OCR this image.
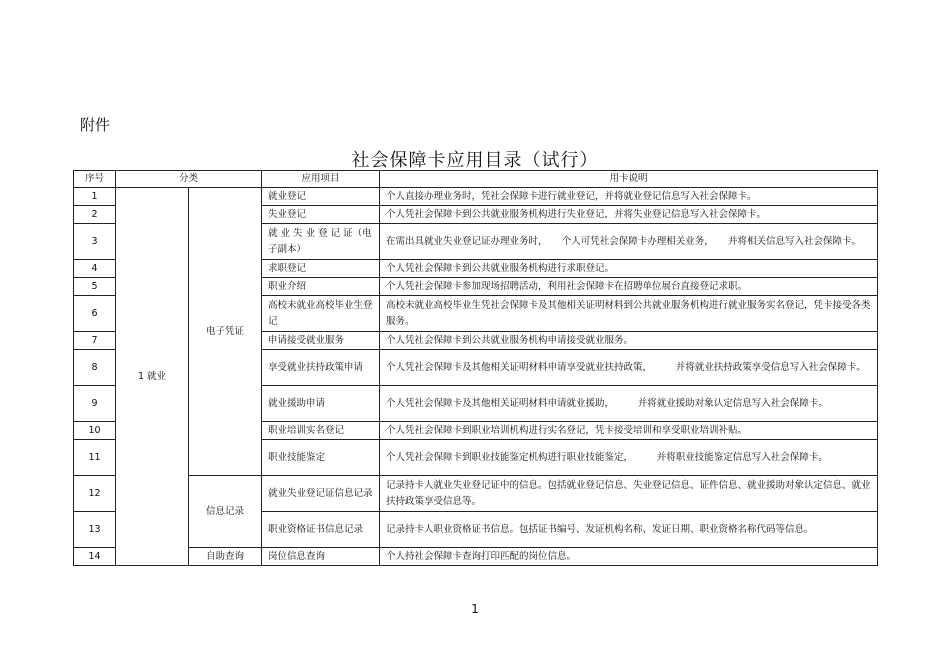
附件
社会保障卡应用目录（试行）
序号	分类		应用项目	用卡说明
1	1 就业	电子凭证	就业登记	个人直接办理业务时，凭社会保障卡进行就业登记，并将就业登记信息写入社会保障卡。
2			失业登记	个人凭社会保障卡到公共就业服务机构进行失业登记，并将失业登记信息写入社会保障卡。
3			就 业 失 业 登 记 证（电子副本）	在需出具就业失业登记证办理业务时，　　个人可凭社会保障卡办理相关业务，　　并将相关信息写入社会保障卡。
4			求职登记	个人凭社会保障卡到公共就业服务机构进行求职登记。
5			职业介绍	个人凭社会保障卡参加现场招聘活动，利用社会保障卡在招聘单位展台直接登记求职。
6			高校未就业高校毕业生登记	高校未就业高校毕业生凭社会保障卡及其他相关证明材料到公共就业服务机构进行就业服务实名登记，凭卡接受各类服务。
7			申请接受就业服务	个人凭社会保障卡到公共就业服务机构申请接受就业服务。
8			享受就业扶持政策申请	个人凭社会保障卡及其他相关证明材料申请享受就业扶持政策，　　　并将就业扶持政策享受信息写入社会保障卡。
9			就业援助申请	个人凭社会保障卡及其他相关证明材料申请就业援助，　　　并将就业援助对象认定信息写入社会保障卡。
10			职业培训实名登记	个人凭社会保障卡到职业培训机构进行实名登记，凭卡接受培训和享受职业培训补贴。
11			职业技能鉴定	个人凭社会保障卡到职业技能鉴定机构进行职业技能鉴定，　　　并将职业技能鉴定信息写入社会保障卡。
12		信息记录	就业失业登记证信息记录	记录持卡人就业失业登记证中的信息。包括就业登记信息、失业登记信息、证件信息、就业援助对象认定信息、就业扶持政策享受信息等。
13			职业资格证书信息记录	记录持卡人职业资格证书信息。包括证书编号、发证机构名称、发证日期、职业资格名称代码等信息。
14		自助查询	岗位信息查询	个人持社会保障卡查询打印匹配的岗位信息。
1
